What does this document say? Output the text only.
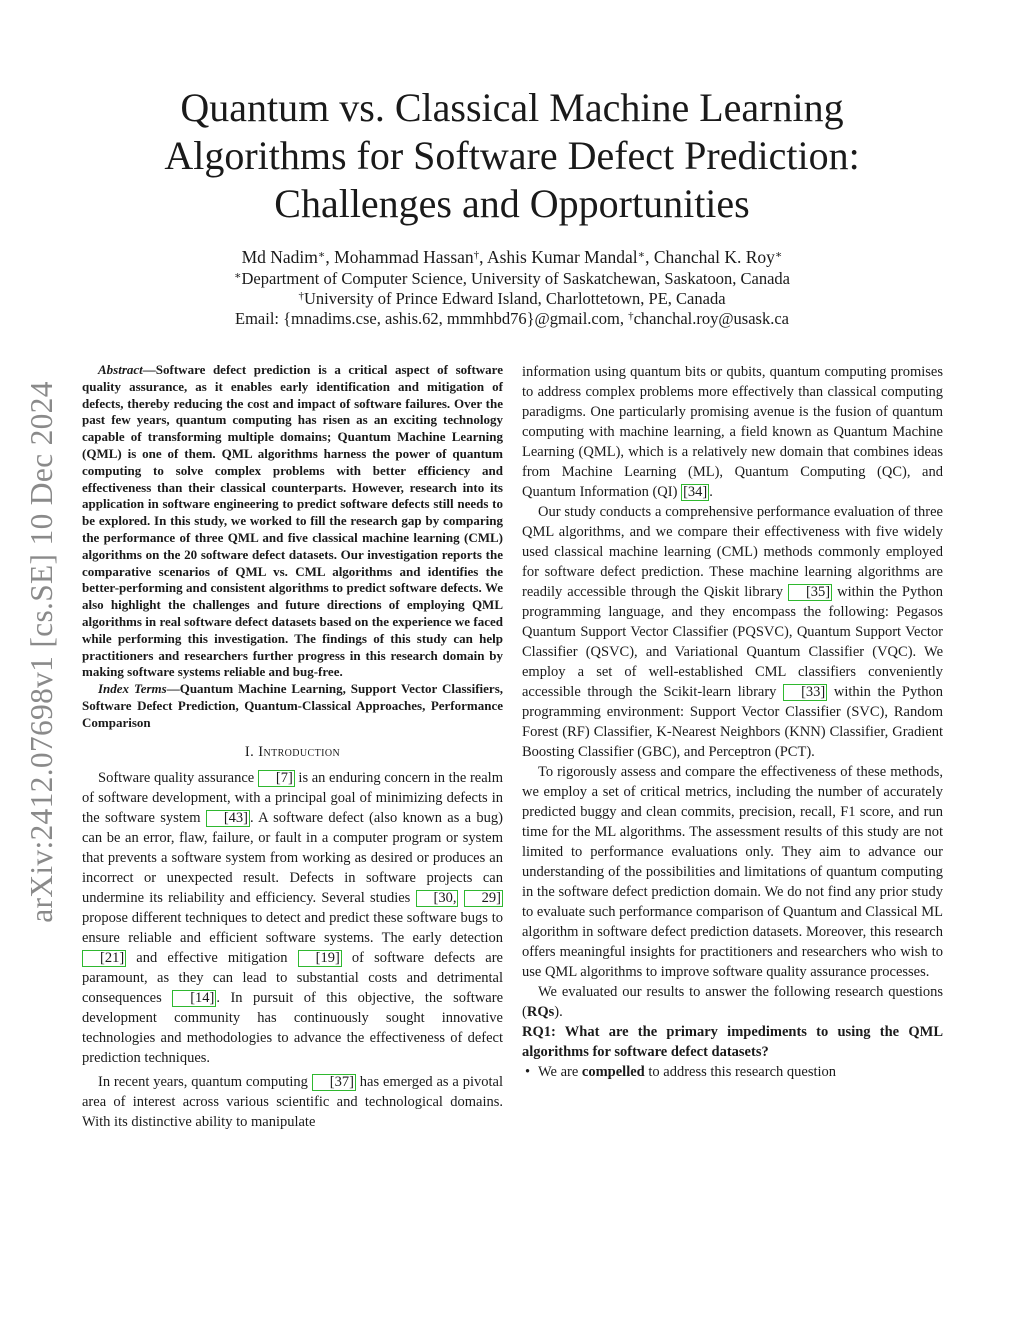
arXiv:2412.07698v1 [cs.SE] 10 Dec 2024
Quantum vs. Classical Machine Learning
Algorithms for Software Defect Prediction:
Challenges and Opportunities
Md Nadim∗, Mohammad Hassan†, Ashis Kumar Mandal∗, Chanchal K. Roy∗
∗Department of Computer Science, University of Saskatchewan, Saskatoon, Canada
†University of Prince Edward Island, Charlottetown, PE, Canada
Email: {mnadims.cse, ashis.62, mmmhbd76}@gmail.com, †chanchal.roy@usask.ca

Abstract—Software defect prediction is a critical aspect of software quality assurance, as it enables early identification and mitigation of defects, thereby reducing the cost and impact of software failures. Over the past few years, quantum computing has risen as an exciting technology capable of transforming multiple domains; Quantum Machine Learning (QML) is one of them. QML algorithms harness the power of quantum computing to solve complex problems with better efficiency and effectiveness than their classical counterparts. However, research into its application in software engineering to predict software defects still needs to be explored. In this study, we worked to fill the research gap by comparing the performance of three QML and five classical machine learning (CML) algorithms on the 20 software defect datasets. Our investigation reports the comparative scenarios of QML vs. CML algorithms and identifies the better-performing and consistent algorithms to predict software defects. We also highlight the challenges and future directions of employing QML algorithms in real software defect datasets based on the experience we faced while performing this investigation. The findings of this study can help practitioners and researchers further progress in this research domain by making software systems reliable and bug-free.

Index Terms—Quantum Machine Learning, Support Vector Classifiers, Software Defect Prediction, Quantum-Classical Approaches, Performance Comparison

I. Introduction

Software quality assurance [7] is an enduring concern in the realm of software development, with a principal goal of minimizing defects in the software system [43] . A software defect (also known as a bug) can be an error, flaw, failure, or fault in a computer program or system that prevents a software system from working as desired or produces an incorrect or unexpected result. Defects in software projects can undermine its reliability and efficiency. Several studies [30, 29] propose different techniques to detect and predict these software bugs to ensure reliable and efficient software systems. The early detection [21] and effective mitigation [19] of software defects are paramount, as they can lead to substantial costs and detrimental consequences [14] . In pursuit of this objective, the software development community has continuously sought innovative technologies and methodologies to advance the effectiveness of defect prediction techniques.

In recent years, quantum computing [37] has emerged as a pivotal area of interest across various scientific and technological domains. With its distinctive ability to manipulate

information using quantum bits or qubits, quantum computing promises to address complex problems more effectively than classical computing paradigms. One particularly promising avenue is the fusion of quantum computing with machine learning, a field known as Quantum Machine Learning (QML), which is a relatively new domain that combines ideas from Machine Learning (ML), Quantum Computing (QC), and Quantum Information (QI) [34] .

Our study conducts a comprehensive performance evaluation of three QML algorithms, and we compare their effectiveness with five widely used classical machine learning (CML) methods commonly employed for software defect prediction. These machine learning algorithms are readily accessible through the Qiskit library [35] within the Python programming language, and they encompass the following: Pegasos Quantum Support Vector Classifier (PQSVC), Quantum Support Vector Classifier (QSVC), and Variational Quantum Classifier (VQC). We employ a set of well-established CML classifiers conveniently accessible through the Scikit-learn library [33] within the Python programming environment: Support Vector Classifier (SVC), Random Forest (RF) Classifier, K-Nearest Neighbors (KNN) Classifier, Gradient Boosting Classifier (GBC), and Perceptron (PCT).

To rigorously assess and compare the effectiveness of these methods, we employ a set of critical metrics, including the number of accurately predicted buggy and clean commits, precision, recall, F1 score, and run time for the ML algorithms. The assessment results of this study are not limited to performance evaluations only. They aim to advance our understanding of the possibilities and limitations of quantum computing in the software defect prediction domain. We do not find any prior study to evaluate such performance comparison of Quantum and Classical ML algorithm in software defect prediction datasets. Moreover, this research offers meaningful insights for practitioners and researchers who wish to use QML algorithms to improve software quality assurance processes.

We evaluated our results to answer the following research questions (RQs).

RQ1: What are the primary impediments to using the QML algorithms for software defect datasets?

• We are compelled to address this research question
